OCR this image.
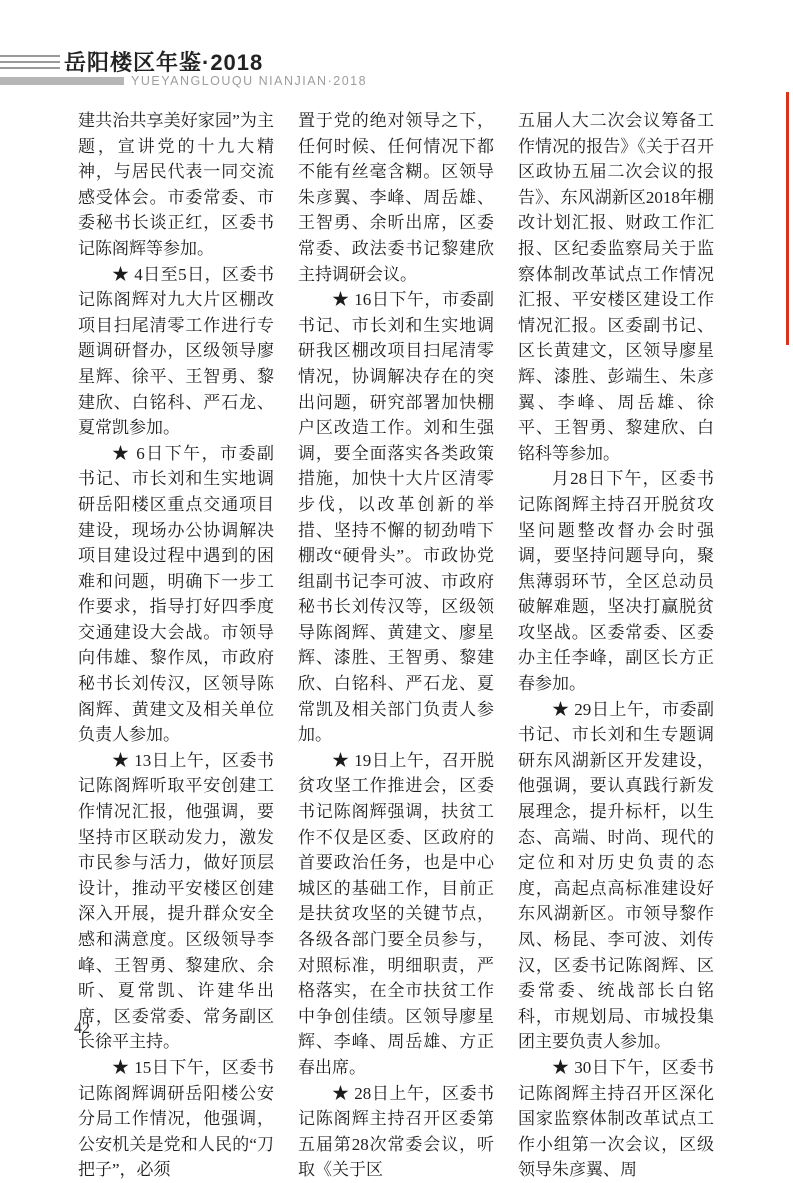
岳阳楼区年鉴·2018
YUEYANGLOUQU NIANJIAN·2018

建共治共享美好家园”为主题，宣讲党的十九大精神，与居民代表一同交流感受体会。市委常委、市委秘书长谈正红，区委书记陈阁辉等参加。

★ 4日至5日，区委书记陈阁辉对九大片区棚改项目扫尾清零工作进行专题调研督办，区级领导廖星辉、徐平、王智勇、黎建欣、白铭科、严石龙、夏常凯参加。

★ 6日下午，市委副书记、市长刘和生实地调研岳阳楼区重点交通项目建设，现场办公协调解决项目建设过程中遇到的困难和问题，明确下一步工作要求，指导打好四季度交通建设大会战。市领导向伟雄、黎作凤，市政府秘书长刘传汉，区领导陈阁辉、黄建文及相关单位负责人参加。

★ 13日上午，区委书记陈阁辉听取平安创建工作情况汇报，他强调，要坚持市区联动发力，激发市民参与活力，做好顶层设计，推动平安楼区创建深入开展，提升群众安全感和满意度。区级领导李峰、王智勇、黎建欣、余昕、夏常凯、许建华出席，区委常委、常务副区长徐平主持。

★ 15日下午，区委书记陈阁辉调研岳阳楼公安分局工作情况，他强调，公安机关是党和人民的“刀把子”，必须

置于党的绝对领导之下，任何时候、任何情况下都不能有丝毫含糊。区领导朱彦翼、李峰、周岳雄、王智勇、余昕出席，区委常委、政法委书记黎建欣主持调研会议。

★ 16日下午，市委副书记、市长刘和生实地调研我区棚改项目扫尾清零情况，协调解决存在的突出问题，研究部署加快棚户区改造工作。刘和生强调，要全面落实各类政策措施，加快十大片区清零步伐，以改革创新的举措、坚持不懈的韧劲啃下棚改“硬骨头”。市政协党组副书记李可波、市政府秘书长刘传汉等，区级领导陈阁辉、黄建文、廖星辉、漆胜、王智勇、黎建欣、白铭科、严石龙、夏常凯及相关部门负责人参加。

★ 19日上午，召开脱贫攻坚工作推进会，区委书记陈阁辉强调，扶贫工作不仅是区委、区政府的首要政治任务，也是中心城区的基础工作，目前正是扶贫攻坚的关键节点，各级各部门要全员参与，对照标准，明细职责，严格落实，在全市扶贫工作中争创佳绩。区领导廖星辉、李峰、周岳雄、方正春出席。

★ 28日上午，区委书记陈阁辉主持召开区委第五届第28次常委会议，听取《关于区

五届人大二次会议筹备工作情况的报告》《关于召开区政协五届二次会议的报告》、东风湖新区2018年棚改计划汇报、财政工作汇报、区纪委监察局关于监察体制改革试点工作情况汇报、平安楼区建设工作情况汇报。区委副书记、区长黄建文，区领导廖星辉、漆胜、彭端生、朱彦翼、李峰、周岳雄、徐平、王智勇、黎建欣、白铭科等参加。

月28日下午，区委书记陈阁辉主持召开脱贫攻坚问题整改督办会时强调，要坚持问题导向，聚焦薄弱环节，全区总动员破解难题，坚决打赢脱贫攻坚战。区委常委、区委办主任李峰，副区长方正春参加。

★ 29日上午，市委副书记、市长刘和生专题调研东风湖新区开发建设，他强调，要认真践行新发展理念，提升标杆，以生态、高端、时尚、现代的定位和对历史负责的态度，高起点高标准建设好东风湖新区。市领导黎作凤、杨昆、李可波、刘传汉，区委书记陈阁辉、区委常委、统战部长白铭科，市规划局、市城投集团主要负责人参加。

★ 30日下午，区委书记陈阁辉主持召开区深化国家监察体制改革试点工作小组第一次会议，区级领导朱彦翼、周

42
